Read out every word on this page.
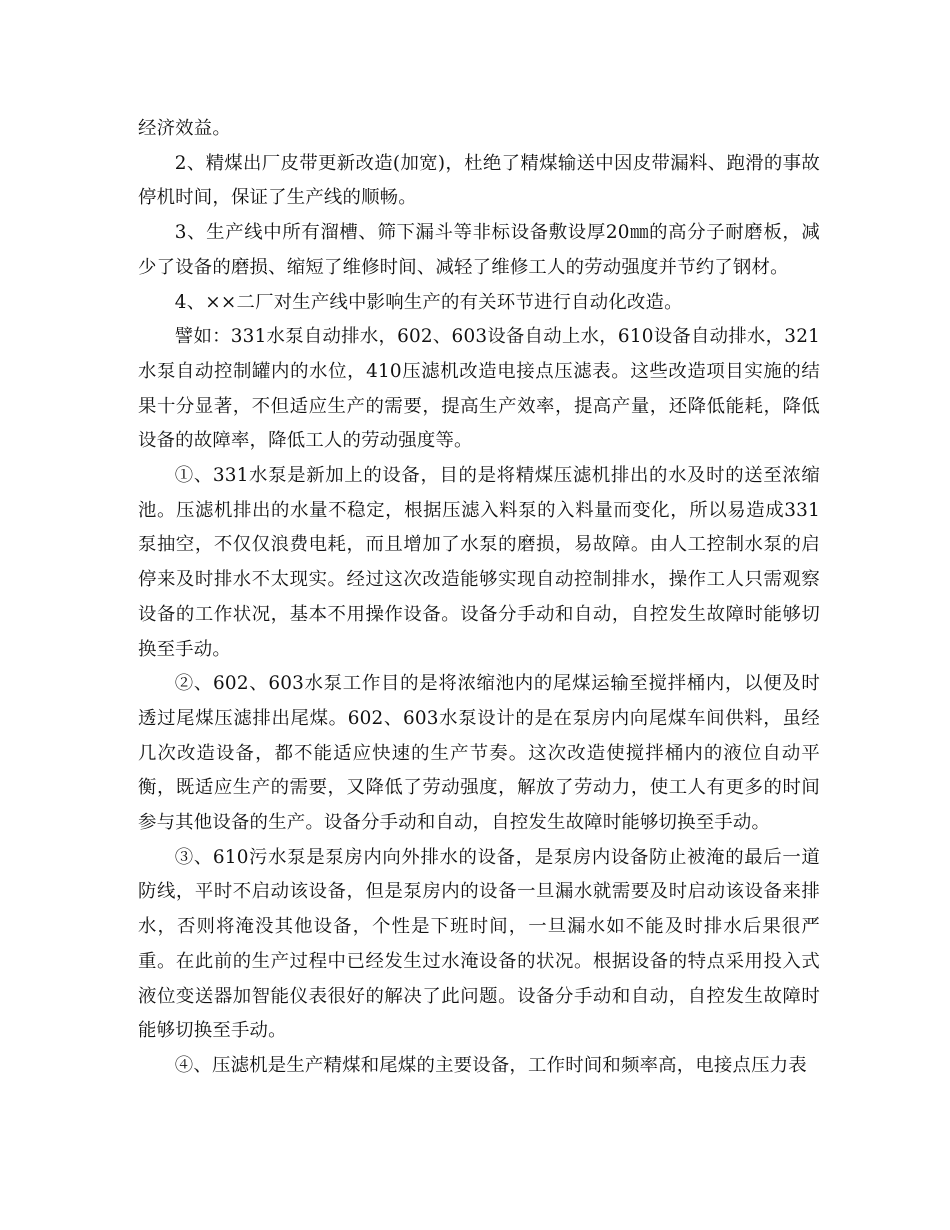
经济效益。

2、精煤出厂皮带更新改造(加宽)，杜绝了精煤输送中因皮带漏料、跑滑的事故停机时间，保证了生产线的顺畅。

3、生产线中所有溜槽、筛下漏斗等非标设备敷设厚20㎜的高分子耐磨板，减少了设备的磨损、缩短了维修时间、减轻了维修工人的劳动强度并节约了钢材。

4、××二厂对生产线中影响生产的有关环节进行自动化改造。

譬如：331水泵自动排水，602、603设备自动上水，610设备自动排水，321水泵自动控制罐内的水位，410压滤机改造电接点压滤表。这些改造项目实施的结果十分显著，不但适应生产的需要，提高生产效率，提高产量，还降低能耗，降低设备的故障率，降低工人的劳动强度等。

①、331水泵是新加上的设备，目的是将精煤压滤机排出的水及时的送至浓缩池。压滤机排出的水量不稳定，根据压滤入料泵的入料量而变化，所以易造成331泵抽空，不仅仅浪费电耗，而且增加了水泵的磨损，易故障。由人工控制水泵的启停来及时排水不太现实。经过这次改造能够实现自动控制排水，操作工人只需观察设备的工作状况，基本不用操作设备。设备分手动和自动，自控发生故障时能够切换至手动。

②、602、603水泵工作目的是将浓缩池内的尾煤运输至搅拌桶内，以便及时透过尾煤压滤排出尾煤。602、603水泵设计的是在泵房内向尾煤车间供料，虽经几次改造设备，都不能适应快速的生产节奏。这次改造使搅拌桶内的液位自动平衡，既适应生产的需要，又降低了劳动强度，解放了劳动力，使工人有更多的时间参与其他设备的生产。设备分手动和自动，自控发生故障时能够切换至手动。

③、610污水泵是泵房内向外排水的设备，是泵房内设备防止被淹的最后一道防线，平时不启动该设备，但是泵房内的设备一旦漏水就需要及时启动该设备来排水，否则将淹没其他设备，个性是下班时间，一旦漏水如不能及时排水后果很严重。在此前的生产过程中已经发生过水淹设备的状况。根据设备的特点采用投入式液位变送器加智能仪表很好的解决了此问题。设备分手动和自动，自控发生故障时能够切换至手动。

④、压滤机是生产精煤和尾煤的主要设备，工作时间和频率高，电接点压力表
